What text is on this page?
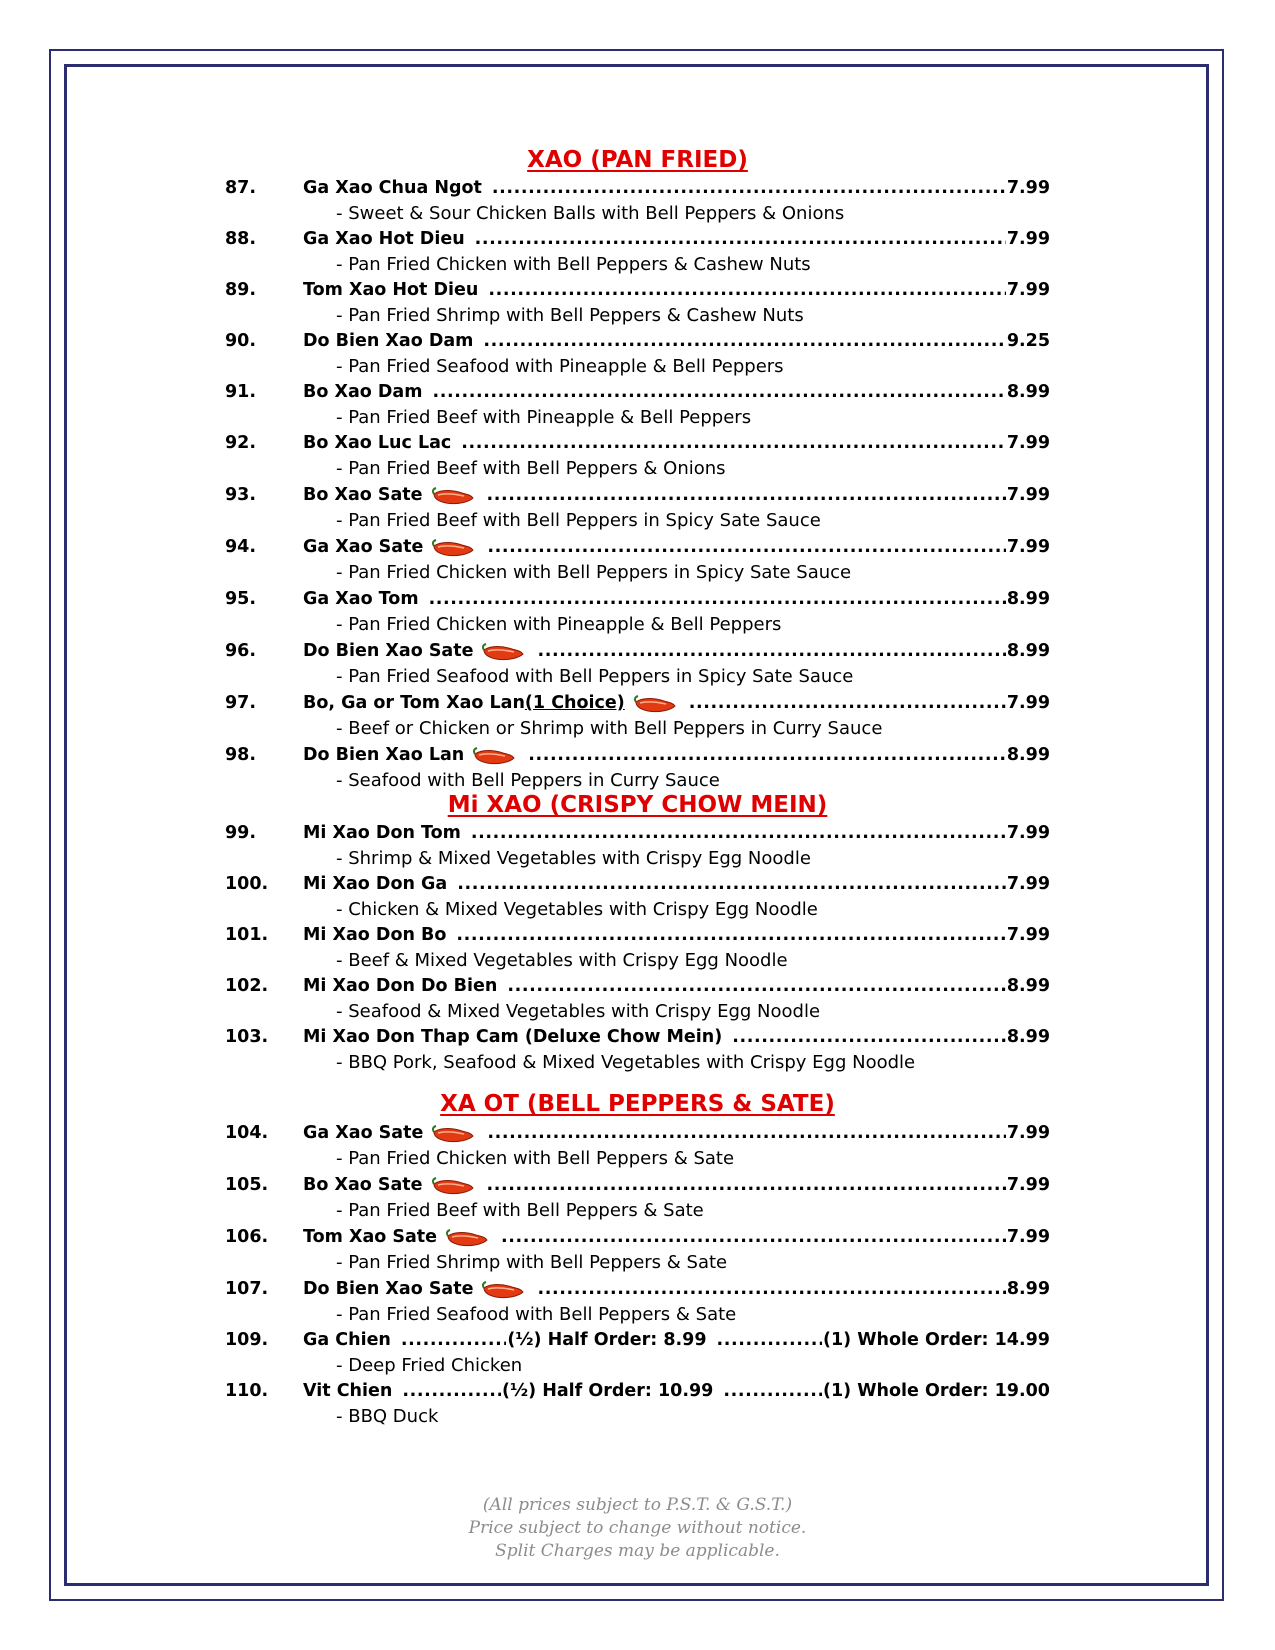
XAO (PAN FRIED)
87.	Ga Xao Chua Ngot .....	7.99
- Sweet & Sour Chicken Balls with Bell Peppers & Onions
88.	Ga Xao Hot Dieu .....	7.99
- Pan Fried Chicken with Bell Peppers & Cashew Nuts
89.	Tom Xao Hot Dieu .....	7.99
- Pan Fried Shrimp with Bell Peppers & Cashew Nuts
90.	Do Bien Xao Dam .....	9.25
- Pan Fried Seafood with Pineapple & Bell Peppers
91.	Bo Xao Dam .....	8.99
- Pan Fried Beef with Pineapple & Bell Peppers
92.	Bo Xao Luc Lac .....	7.99
- Pan Fried Beef with Bell Peppers & Onions
93.	Bo Xao Sate .....	7.99
- Pan Fried Beef with Bell Peppers in Spicy Sate Sauce
94.	Ga Xao Sate .....	7.99
- Pan Fried Chicken with Bell Peppers in Spicy Sate Sauce
95.	Ga Xao Tom .....	8.99
- Pan Fried Chicken with Pineapple & Bell Peppers
96.	Do Bien Xao Sate .....	8.99
- Pan Fried Seafood with Bell Peppers in Spicy Sate Sauce
97.	Bo, Ga or Tom Xao Lan (1 Choice) .....	7.99
- Beef or Chicken or Shrimp with Bell Peppers in Curry Sauce
98.	Do Bien Xao Lan .....	8.99
- Seafood with Bell Peppers in Curry Sauce
Mi XAO (CRISPY CHOW MEIN)
99.	Mi Xao Don Tom .....	7.99
- Shrimp & Mixed Vegetables with Crispy Egg Noodle
100.	Mi Xao Don Ga .....	7.99
- Chicken & Mixed Vegetables with Crispy Egg Noodle
101.	Mi Xao Don Bo .....	7.99
- Beef & Mixed Vegetables with Crispy Egg Noodle
102.	Mi Xao Don Do Bien .....	8.99
- Seafood & Mixed Vegetables with Crispy Egg Noodle
103.	Mi Xao Don Thap Cam (Deluxe Chow Mein) .....	8.99
- BBQ Pork, Seafood & Mixed Vegetables with Crispy Egg Noodle
XA OT (BELL PEPPERS & SATE)
104.	Ga Xao Sate .....	7.99
- Pan Fried Chicken with Bell Peppers & Sate
105.	Bo Xao Sate .....	7.99
- Pan Fried Beef with Bell Peppers & Sate
106.	Tom Xao Sate .....	7.99
- Pan Fried Shrimp with Bell Peppers & Sate
107.	Do Bien Xao Sate .....	8.99
- Pan Fried Seafood with Bell Peppers & Sate
109.	Ga Chien .....	(½) Half Order: 8.99 .....	(1) Whole Order: 14.99
- Deep Fried Chicken
110.	Vit Chien .....	(½) Half Order: 10.99 .....	(1) Whole Order: 19.00
- BBQ Duck
(All prices subject to P.S.T. & G.S.T.)
Price subject to change without notice.
Split Charges may be applicable.
